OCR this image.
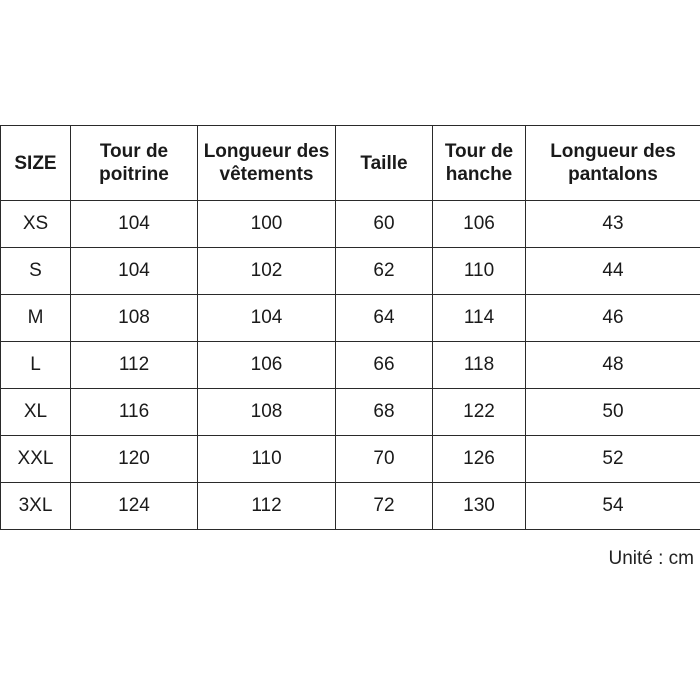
SIZE	Tour de poitrine	Longueur des vêtements	Taille	Tour de hanche	Longueur des pantalons
XS	104	100	60	106	43
S	104	102	62	110	44
M	108	104	64	114	46
L	112	106	66	118	48
XL	116	108	68	122	50
XXL	120	110	70	126	52
3XL	124	112	72	130	54
Unité : cm
